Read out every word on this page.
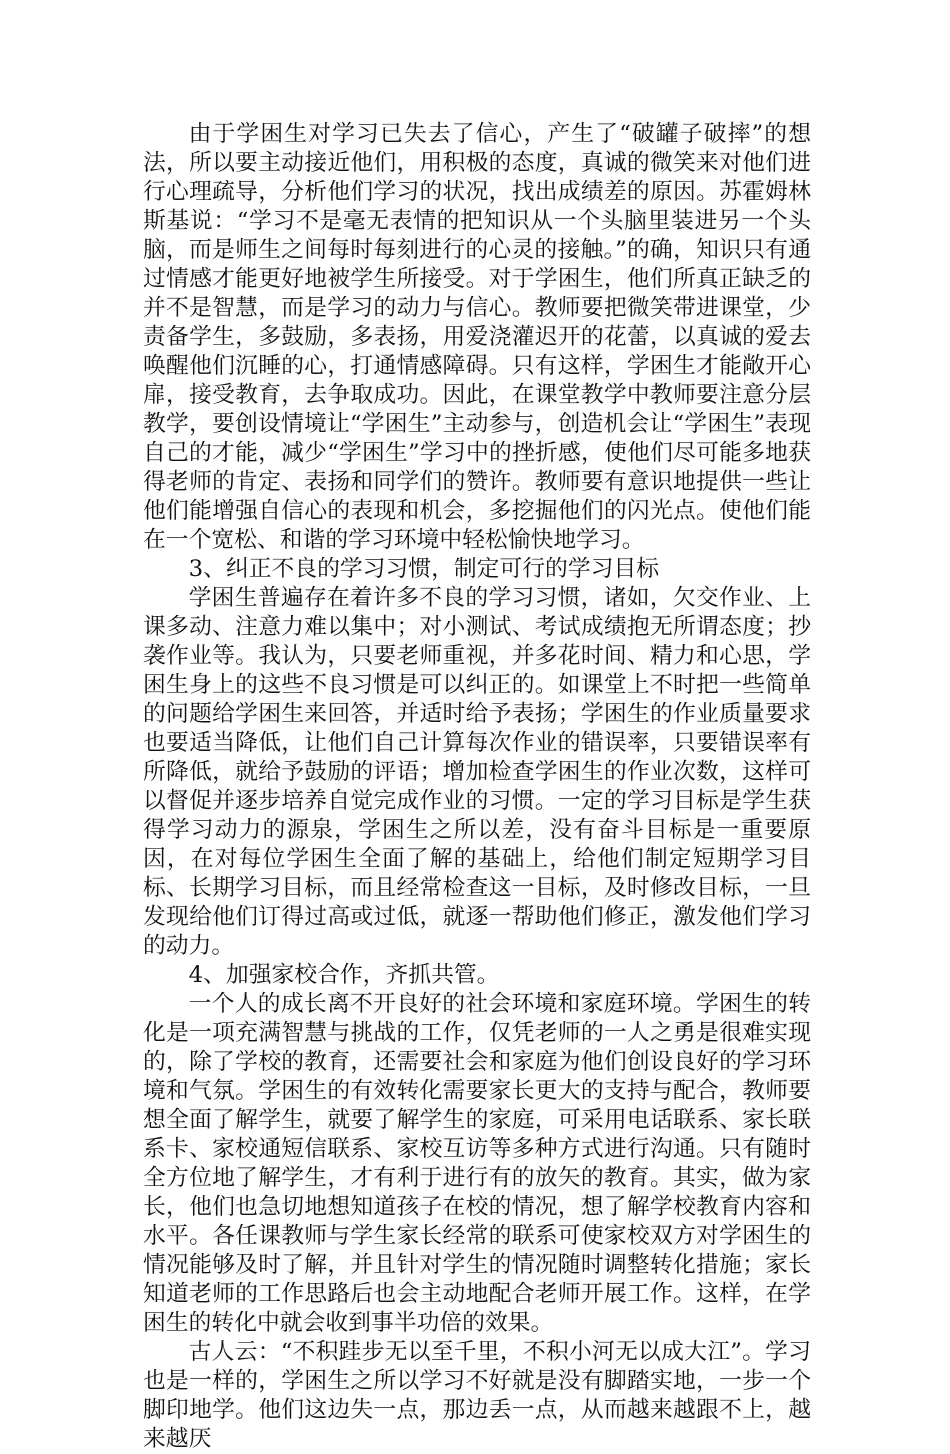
由于学困生对学习已失去了信心，产生了“破罐子破摔”的想法，所以要主动接近他们，用积极的态度，真诚的微笑来对他们进行心理疏导，分析他们学习的状况，找出成绩差的原因。苏霍姆林斯基说：“学习不是毫无表情的把知识从一个头脑里装进另一个头脑，而是师生之间每时每刻进行的心灵的接触。”的确，知识只有通过情感才能更好地被学生所接受。对于学困生，他们所真正缺乏的并不是智慧，而是学习的动力与信心。教师要把微笑带进课堂，少责备学生，多鼓励，多表扬，用爱浇灌迟开的花蕾，以真诚的爱去唤醒他们沉睡的心，打通情感障碍。只有这样，学困生才能敞开心扉，接受教育，去争取成功。因此，在课堂教学中教师要注意分层教学，要创设情境让“学困生”主动参与，创造机会让“学困生”表现自己的才能，减少“学困生”学习中的挫折感，使他们尽可能多地获得老师的肯定、表扬和同学们的赞许。教师要有意识地提供一些让他们能增强自信心的表现和机会，多挖掘他们的闪光点。使他们能在一个宽松、和谐的学习环境中轻松愉快地学习。

3、纠正不良的学习习惯，制定可行的学习目标

学困生普遍存在着许多不良的学习习惯，诸如，欠交作业、上课多动、注意力难以集中；对小测试、考试成绩抱无所谓态度；抄袭作业等。我认为，只要老师重视，并多花时间、精力和心思，学困生身上的这些不良习惯是可以纠正的。如课堂上不时把一些简单的问题给学困生来回答，并适时给予表扬；学困生的作业质量要求也要适当降低，让他们自己计算每次作业的错误率，只要错误率有所降低，就给予鼓励的评语；增加检查学困生的作业次数，这样可以督促并逐步培养自觉完成作业的习惯。一定的学习目标是学生获得学习动力的源泉，学困生之所以差，没有奋斗目标是一重要原因，在对每位学困生全面了解的基础上，给他们制定短期学习目标、长期学习目标，而且经常检查这一目标，及时修改目标，一旦发现给他们订得过高或过低，就逐一帮助他们修正，激发他们学习的动力。

4、加强家校合作，齐抓共管。

一个人的成长离不开良好的社会环境和家庭环境。学困生的转化是一项充满智慧与挑战的工作，仅凭老师的一人之勇是很难实现的，除了学校的教育，还需要社会和家庭为他们创设良好的学习环境和气氛。学困生的有效转化需要家长更大的支持与配合，教师要想全面了解学生，就要了解学生的家庭，可采用电话联系、家长联系卡、家校通短信联系、家校互访等多种方式进行沟通。只有随时全方位地了解学生，才有利于进行有的放矢的教育。其实，做为家长，他们也急切地想知道孩子在校的情况，想了解学校教育内容和水平。各任课教师与学生家长经常的联系可使家校双方对学困生的情况能够及时了解，并且针对学生的情况随时调整转化措施；家长知道老师的工作思路后也会主动地配合老师开展工作。这样，在学困生的转化中就会收到事半功倍的效果。

古人云：“不积跬步无以至千里，不积小河无以成大江”。学习也是一样的，学困生之所以学习不好就是没有脚踏实地，一步一个脚印地学。他们这边失一点，那边丢一点，从而越来越跟不上，越来越厌
